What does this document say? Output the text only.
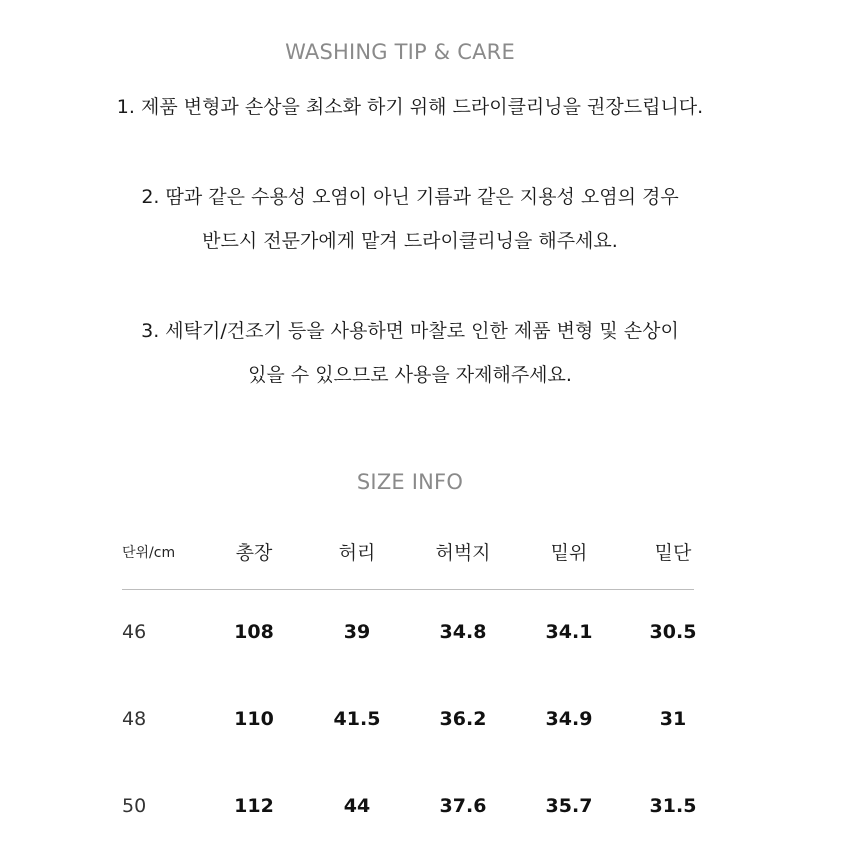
WASHING TIP & CARE
1. 제품 변형과 손상을 최소화 하기 위해 드라이클리닝을 권장드립니다.
2. 땀과 같은 수용성 오염이 아닌 기름과 같은 지용성 오염의 경우
반드시 전문가에게 맡겨 드라이클리닝을 해주세요.
3. 세탁기/건조기 등을 사용하면 마찰로 인한 제품 변형 및 손상이
있을 수 있으므로 사용을 자제해주세요.
SIZE INFO
단위/cm	총장	허리	허벅지	밑위	밑단
46	108	39	34.8	34.1	30.5
48	110	41.5	36.2	34.9	31
50	112	44	37.6	35.7	31.5
